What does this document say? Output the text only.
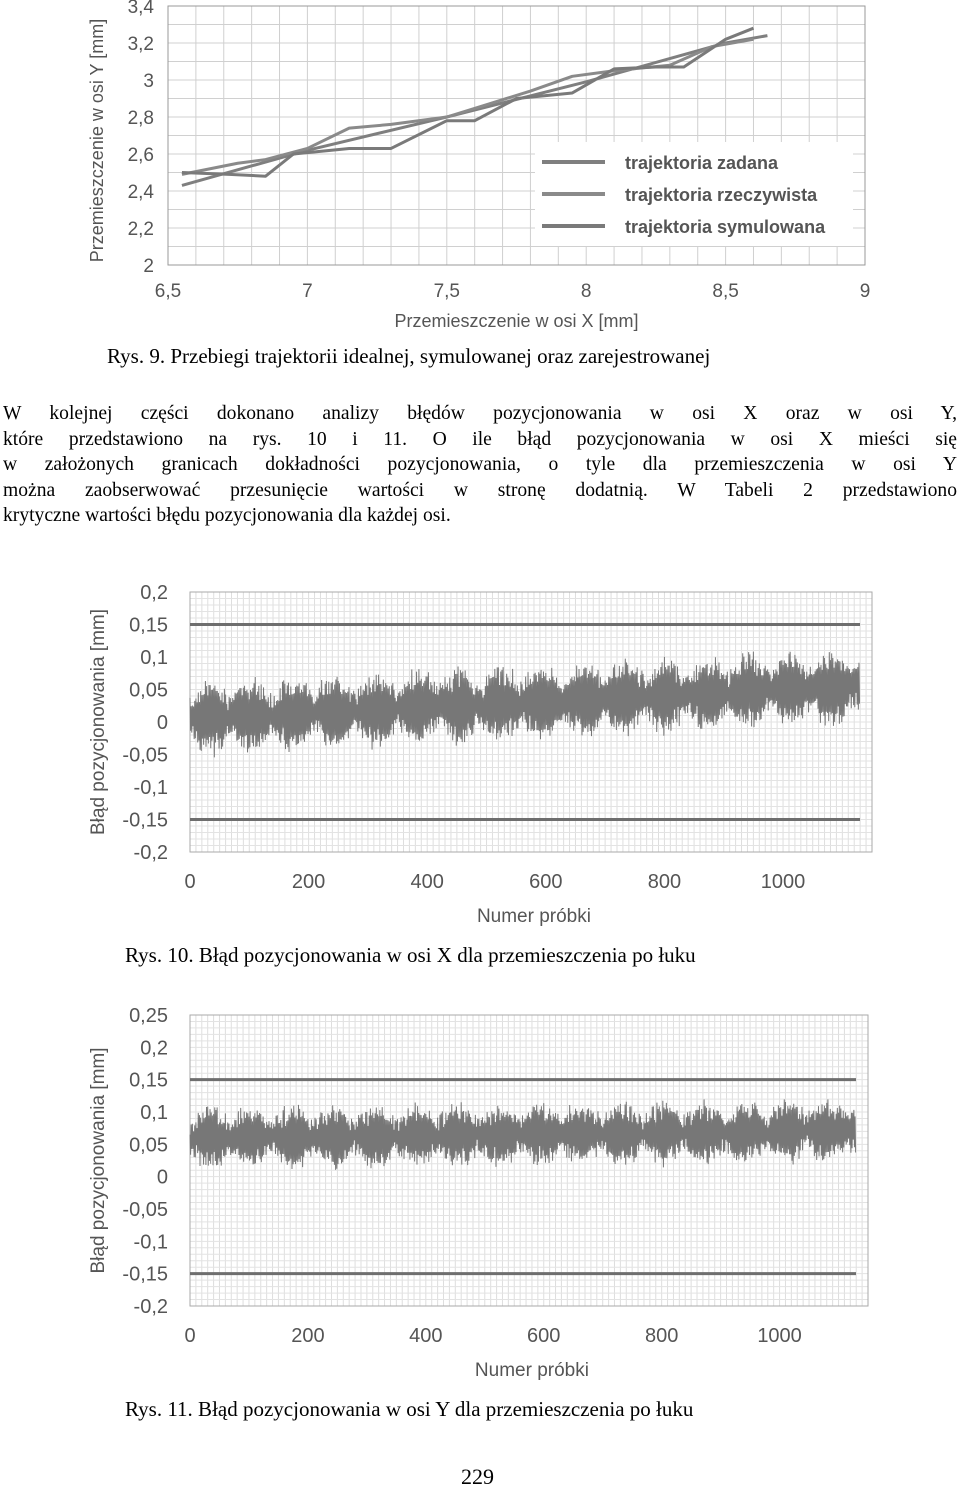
2
2,2
2,4
2,6
2,8
3
3,2
3,4
6,5	7	7,5	8	8,5	9
Przemieszczenie w osi X [mm]
Przemieszczenie w osi Y [mm]	trajektoria zadana
trajektoria rzeczywista
trajektoria symulowana
Rys. 9. Przebiegi trajektorii idealnej, symulowanej oraz zarejestrowanej
W kolejnej części dokonano analizy błędów pozycjonowania w osi X oraz w osi Y,
które przedstawiono na rys. 10 i 11. O ile błąd pozycjonowania w osi X mieści się
w założonych granicach dokładności pozycjonowania, o tyle dla przemieszczenia w osi Y
można zaobserwować przesunięcie wartości w stronę dodatnią. W Tabeli 2 przedstawiono
krytyczne wartości błędu pozycjonowania dla każdej osi.
0,2
0,15
0,1
0,05
0
-0,05
-0,1
-0,15
-0,2
0	200	400	600	800	1000
Numer próbki
Błąd pozycjonowania [mm]
Rys. 10. Błąd pozycjonowania w osi X dla przemieszczenia po łuku
0,25
0,2
0,15
0,1
0,05
0
-0,05
-0,1
-0,15
-0,2
0	200	400	600	800	1000
Numer próbki
Błąd pozycjonowania [mm]
Rys. 11. Błąd pozycjonowania w osi Y dla przemieszczenia po łuku
229
